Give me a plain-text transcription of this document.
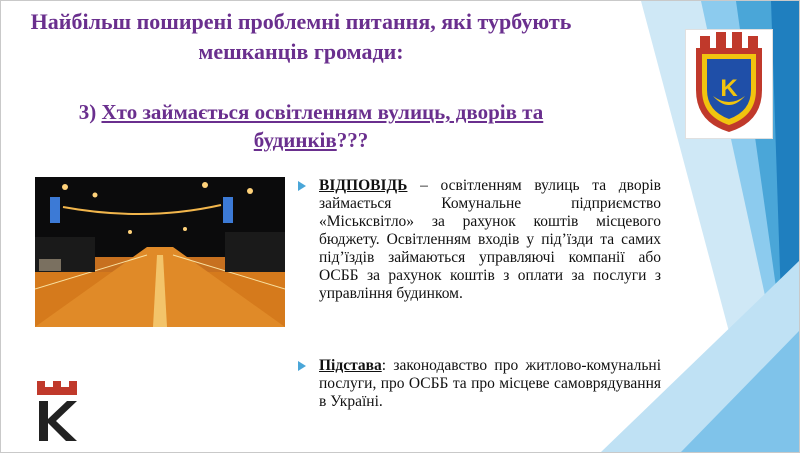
Найбільш поширені проблемні питання, які турбують мешканців громади:
3) Хто займається освітленням вулиць, дворів та будинків???
K
ВІДПОВІДЬ – освітленням вулиць та дворів займається Комунальне підприємство «Міськсвітло» за рахунок коштів місцевого бюджету. Освітленням входів у під’їзди та самих під’їздів займаються управляючі компанії або ОСББ за рахунок коштів з оплати за послуги з управління будинком.
Підстава: законодавство про житлово-комунальні послуги, про ОСББ та про місцеве самоврядування в Україні.
